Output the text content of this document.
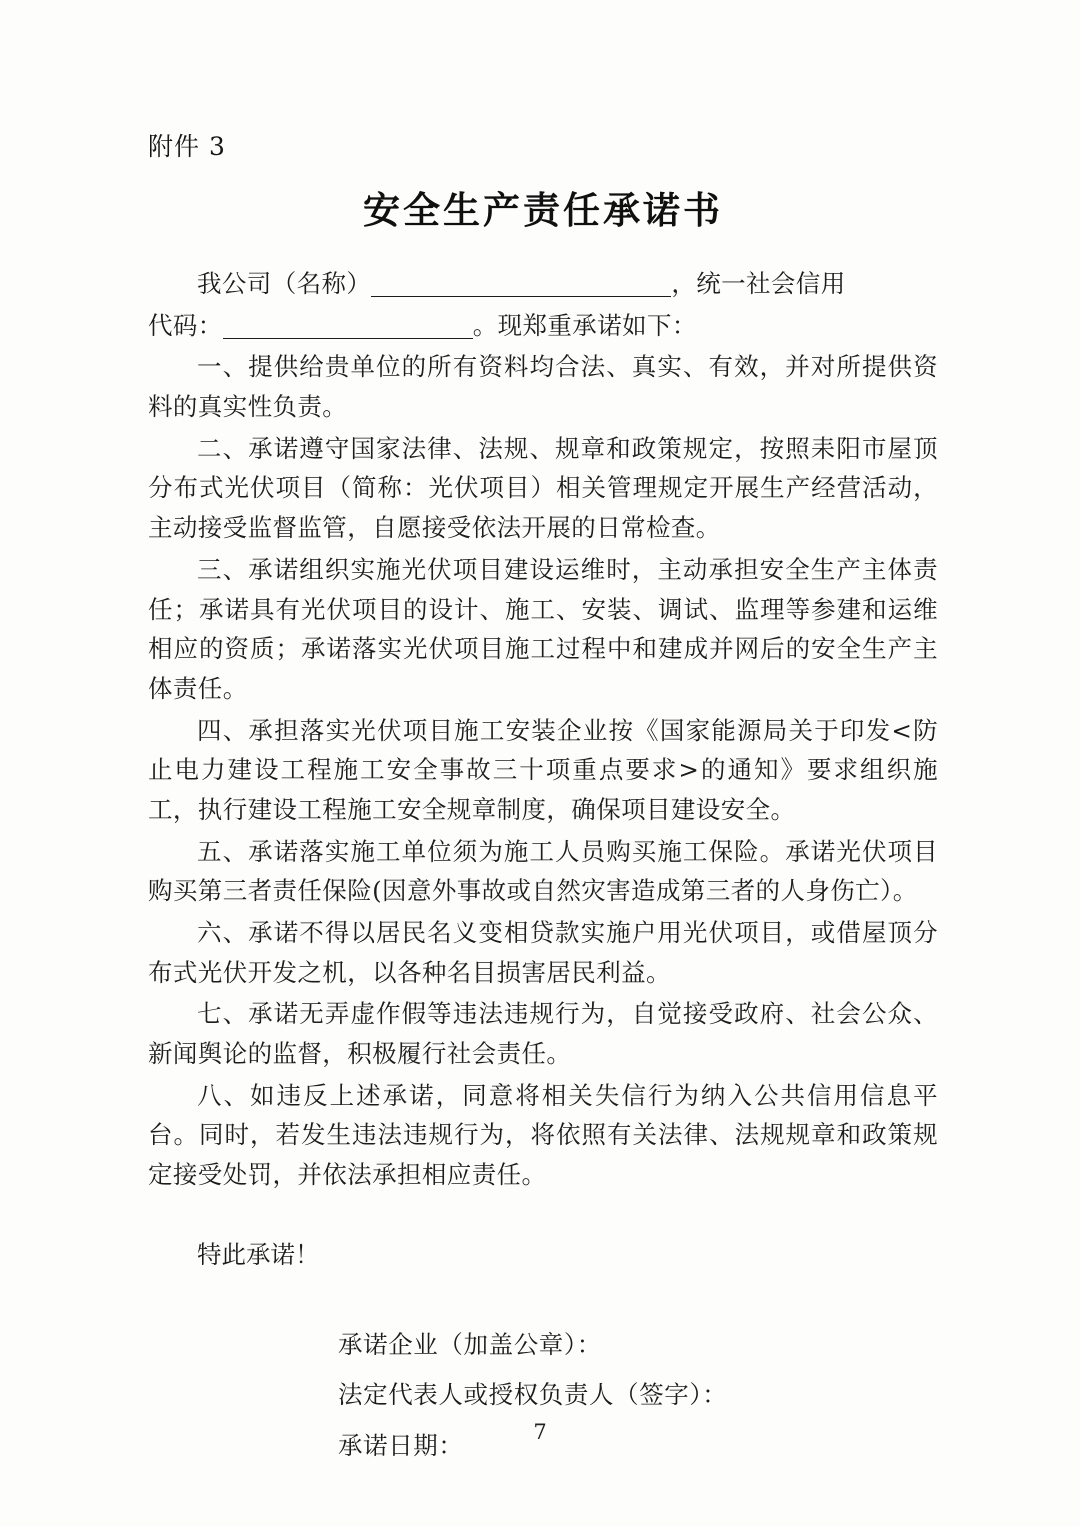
附件 3
安全生产责任承诺书

我公司（名称）	，统一社会信用

代码：	。现郑重承诺如下：

一、提供给贵单位的所有资料均合法、真实、有效，并对所提供资料的真实性负责。

二、承诺遵守国家法律、法规、规章和政策规定，按照耒阳市屋顶分布式光伏项目（简称：光伏项目）相关管理规定开展生产经营活动，主动接受监督监管，自愿接受依法开展的日常检查。

三、承诺组织实施光伏项目建设运维时，主动承担安全生产主体责任；承诺具有光伏项目的设计、施工、安装、调试、监理等参建和运维相应的资质；承诺落实光伏项目施工过程中和建成并网后的安全生产主体责任。

四、承担落实光伏项目施工安装企业按《国家能源局关于印发<防止电力建设工程施工安全事故三十项重点要求>的通知》要求组织施工，执行建设工程施工安全规章制度，确保项目建设安全。

五、承诺落实施工单位须为施工人员购买施工保险。承诺光伏项目购买第三者责任保险(因意外事故或自然灾害造成第三者的人身伤亡）。

六、承诺不得以居民名义变相贷款实施户用光伏项目，或借屋顶分布式光伏开发之机，以各种名目损害居民利益。

七、承诺无弄虚作假等违法违规行为，自觉接受政府、社会公众、新闻舆论的监督，积极履行社会责任。

八、如违反上述承诺，同意将相关失信行为纳入公共信用信息平台。同时，若发生违法违规行为，将依照有关法律、法规规章和政策规定接受处罚，并依法承担相应责任。

特此承诺！

承诺企业（加盖公章）：

法定代表人或授权负责人（签字）：

承诺日期：	7
